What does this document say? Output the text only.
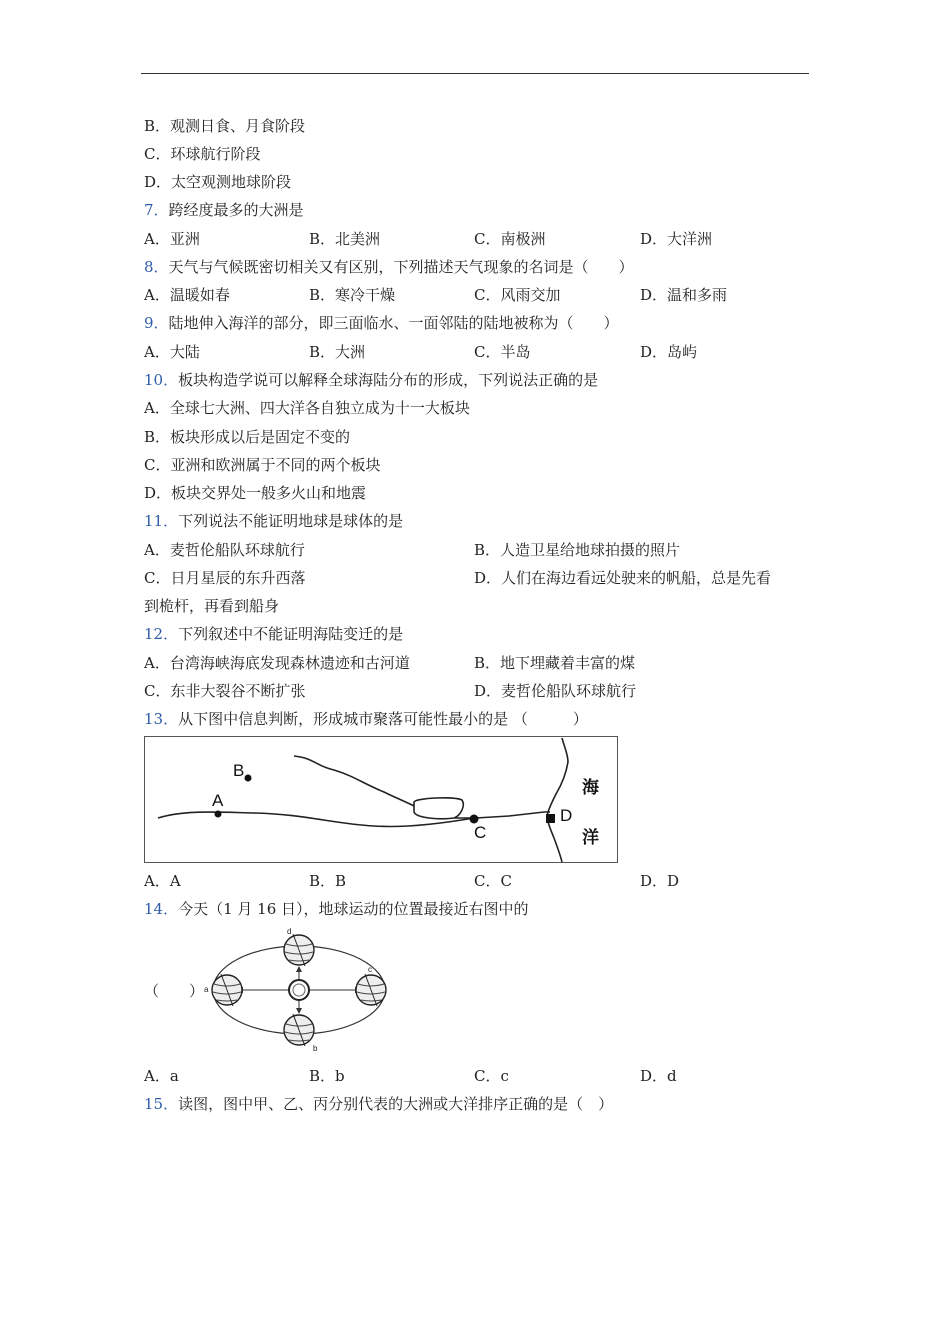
B．观测日食、月食阶段
C．环球航行阶段
D．太空观测地球阶段
7．跨经度最多的大洲是
A．亚洲	B．北美洲	C．南极洲	D．大洋洲
8．天气与气候既密切相关又有区别，下列描述天气现象的名词是（　　）
A．温暖如春	B．寒冷干燥	C．风雨交加	D．温和多雨
9．陆地伸入海洋的部分，即三面临水、一面邻陆的陆地被称为（　　）
A．大陆	B．大洲	C．半岛	D．岛屿
10．板块构造学说可以解释全球海陆分布的形成，下列说法正确的是
A．全球七大洲、四大洋各自独立成为十一大板块
B．板块形成以后是固定不变的
C．亚洲和欧洲属于不同的两个板块
D．板块交界处一般多火山和地震
11．下列说法不能证明地球是球体的是
A．麦哲伦船队环球航行	B．人造卫星给地球拍摄的照片
C．日月星辰的东升西落	D．人们在海边看远处驶来的帆船，总是先看
到桅杆，再看到船身
12．下列叙述中不能证明海陆变迁的是
A．台湾海峡海底发现森林遗迹和古河道	B．地下埋藏着丰富的煤
C．东非大裂谷不断扩张	D．麦哲伦船队环球航行
13．从下图中信息判断，形成城市聚落可能性最小的是 （　　　）
A
B
C
D
海
洋
A．A	B．B	C．C	D．D
14．今天（1 月 16 日），地球运动的位置最接近右图中的
（　　） a
b
c
d
A．a	B．b	C．c	D．d
15．读图，图中甲、乙、丙分别代表的大洲或大洋排序正确的是（　）
